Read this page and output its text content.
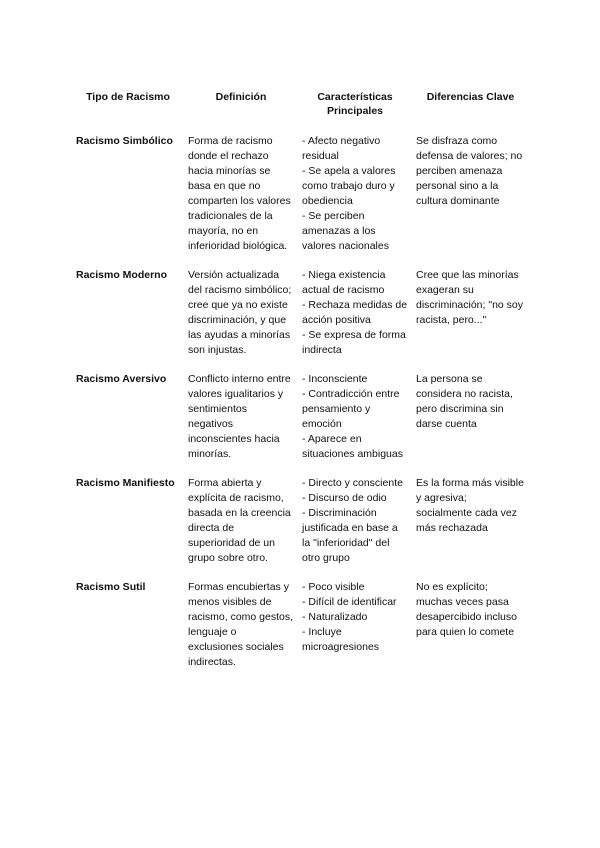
Tipo de Racismo	Definición	Características Principales	Diferencias Clave
Racismo Simbólico	Forma de racismo donde el rechazo hacia minorías se basa en que no comparten los valores tradicionales de la mayoría, no en inferioridad biológica.	- Afecto negativo residual
- Se apela a valores como trabajo duro y obediencia
- Se perciben amenazas a los valores nacionales	Se disfraza como defensa de valores; no perciben amenaza personal sino a la cultura dominante
Racismo Moderno	Versión actualizada del racismo simbólico; cree que ya no existe discriminación, y que las ayudas a minorías son injustas.	- Niega existencia actual de racismo
- Rechaza medidas de acción positiva
- Se expresa de forma indirecta	Cree que las minorías exageran su discriminación; "no soy racista, pero..."
Racismo Aversivo	Conflicto interno entre valores igualitarios y sentimientos negativos inconscientes hacia minorías.	- Inconsciente
- Contradicción entre pensamiento y emoción
- Aparece en situaciones ambiguas	La persona se considera no racista, pero discrimina sin darse cuenta
Racismo Manifiesto	Forma abierta y explícita de racismo, basada en la creencia directa de superioridad de un grupo sobre otro.	- Directo y consciente
- Discurso de odio
- Discriminación justificada en base a la "inferioridad" del otro grupo	Es la forma más visible y agresiva; socialmente cada vez más rechazada
Racismo Sutil	Formas encubiertas y menos visibles de racismo, como gestos, lenguaje o exclusiones sociales indirectas.	- Poco visible
- Difícil de identificar
- Naturalizado
- Incluye microagresiones	No es explícito; muchas veces pasa desapercibido incluso para quien lo comete
